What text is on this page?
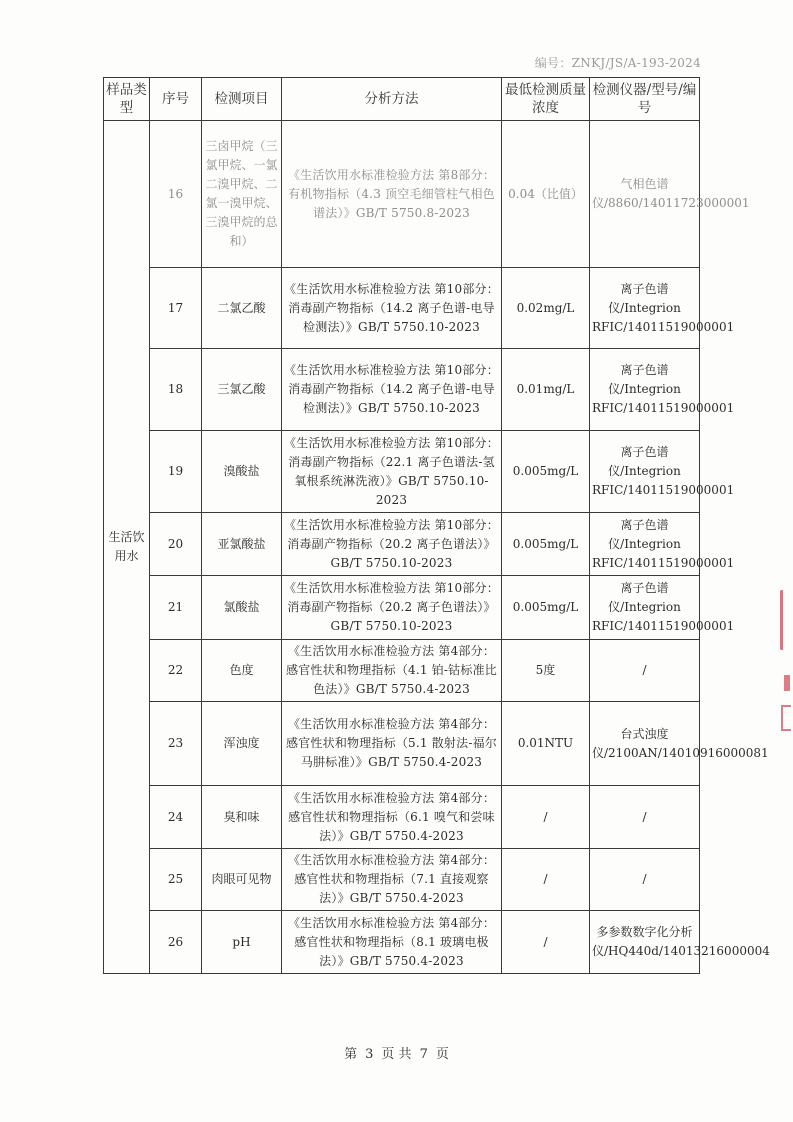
编号：ZNKJ/JS/A-193-2024
样品类型	序号	检测项目	分析方法	最低检测质量浓度	检测仪器/型号/编号
生活饮用水	16	三卤甲烷（三氯甲烷、一氯二溴甲烷、二氯一溴甲烷、三溴甲烷的总和）	《生活饮用水标准检验方法 第8部分：有机物指标（4.3 顶空毛细管柱气相色谱法）》GB/T 5750.8-2023	0.04（比值）	气相色谱仪/8860/14011723000001
	17	二氯乙酸	《生活饮用水标准检验方法 第10部分：消毒副产物指标（14.2 离子色谱-电导检测法）》GB/T 5750.10-2023	0.02mg/L	离子色谱仪/Integrion RFIC/14011519000001
	18	三氯乙酸	《生活饮用水标准检验方法 第10部分：消毒副产物指标（14.2 离子色谱-电导检测法）》GB/T 5750.10-2023	0.01mg/L	离子色谱仪/Integrion RFIC/14011519000001
	19	溴酸盐	《生活饮用水标准检验方法 第10部分：消毒副产物指标（22.1 离子色谱法-氢氧根系统淋洗液）》GB/T 5750.10-2023	0.005mg/L	离子色谱仪/Integrion RFIC/14011519000001
	20	亚氯酸盐	《生活饮用水标准检验方法 第10部分：消毒副产物指标（20.2 离子色谱法）》GB/T 5750.10-2023	0.005mg/L	离子色谱仪/Integrion RFIC/14011519000001
	21	氯酸盐	《生活饮用水标准检验方法 第10部分：消毒副产物指标（20.2 离子色谱法）》GB/T 5750.10-2023	0.005mg/L	离子色谱仪/Integrion RFIC/14011519000001
	22	色度	《生活饮用水标准检验方法 第4部分：感官性状和物理指标（4.1 铂-钴标准比色法）》GB/T 5750.4-2023	5度	/
	23	浑浊度	《生活饮用水标准检验方法 第4部分：感官性状和物理指标（5.1 散射法-福尔马肼标准）》GB/T 5750.4-2023	0.01NTU	台式浊度仪/2100AN/14010916000081
	24	臭和味	《生活饮用水标准检验方法 第4部分：感官性状和物理指标（6.1 嗅气和尝味法）》GB/T 5750.4-2023	/	/
	25	肉眼可见物	《生活饮用水标准检验方法 第4部分：感官性状和物理指标（7.1 直接观察法）》GB/T 5750.4-2023	/	/
	26	pH	《生活饮用水标准检验方法 第4部分：感官性状和物理指标（8.1 玻璃电极法）》GB/T 5750.4-2023	/	多参数数字化分析仪/HQ440d/14013216000004
第 3 页 共 7 页
